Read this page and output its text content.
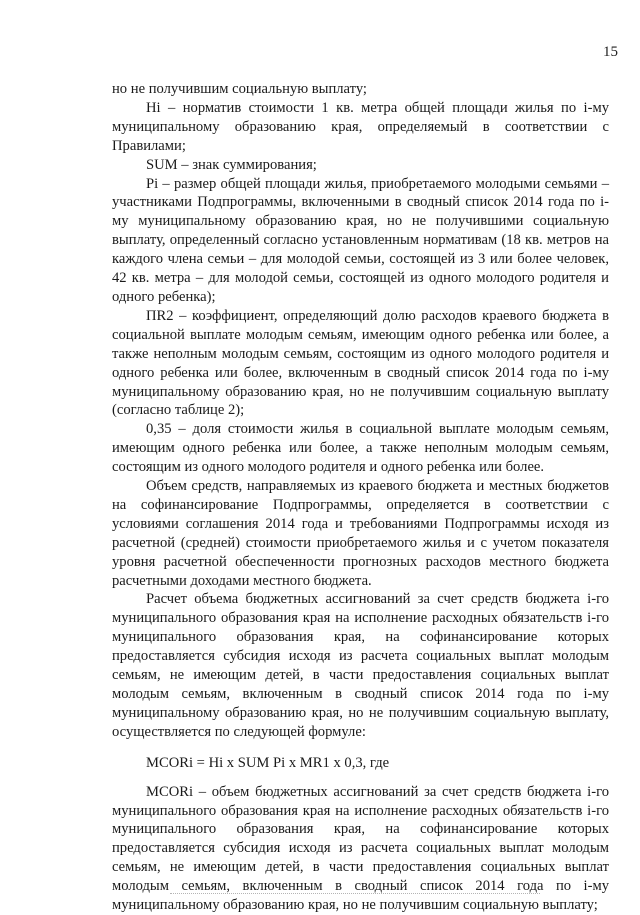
15

но не получившим социальную выплату;

Нi – норматив стоимости 1 кв. метра общей площади жилья по i-му муниципальному образованию края, определяемый в соответствии с Правилами;

SUM – знак суммирования;

Рi – размер общей площади жилья, приобретаемого молодыми семьями – участниками Подпрограммы, включенными в сводный список 2014 года по i-му муниципальному образованию края, но не получившими социальную выплату, определенный согласно установленным нормативам (18 кв. метров на каждого члена семьи – для молодой семьи, состоящей из 3 или более человек, 42 кв. метра – для молодой семьи, состоящей из одного молодого родителя и одного ребенка);

ПR2 – коэффициент, определяющий долю расходов краевого бюджета в социальной выплате молодым семьям, имеющим одного ребенка или более, а также неполным молодым семьям, состоящим из одного молодого родителя и одного ребенка или более, включенным в сводный список 2014 года по i-му муниципальному образованию края, но не получившим социальную выплату (согласно таблице 2);

0,35 – доля стоимости жилья в социальной выплате молодым семьям, имеющим одного ребенка или более, а также неполным молодым семьям, состоящим из одного молодого родителя и одного ребенка или более.

Объем средств, направляемых из краевого бюджета и местных бюджетов на софинансирование Подпрограммы, определяется в соответствии с условиями соглашения 2014 года и требованиями Подпрограммы исходя из расчетной (средней) стоимости приобретаемого жилья и с учетом показателя уровня расчетной обеспеченности прогнозных расходов местного бюджета расчетными доходами местного бюджета.

Расчет объема бюджетных ассигнований за счет средств бюджета i-го муниципального образования края на исполнение расходных обязательств i-го муниципального образования края, на софинансирование которых предоставляется субсидия исходя из расчета социальных выплат молодым семьям, не имеющим детей, в части предоставления социальных выплат молодым семьям, включенным в сводный список 2014 года по i-му муниципальному образованию края, но не получившим социальную выплату, осуществляется по следующей формуле:

MCORi = Нi x SUM Рi x MR1 x 0,3, где

MCORi – объем бюджетных ассигнований за счет средств бюджета i-го муниципального образования края на исполнение расходных обязательств i-го муниципального образования края, на софинансирование которых предоставляется субсидия исходя из расчета социальных выплат молодым семьям, не имеющим детей, в части предоставления социальных выплат молодым семьям, включенным в сводный список 2014 года по i-му муниципальному образованию края, но не получившим социальную выплату;
